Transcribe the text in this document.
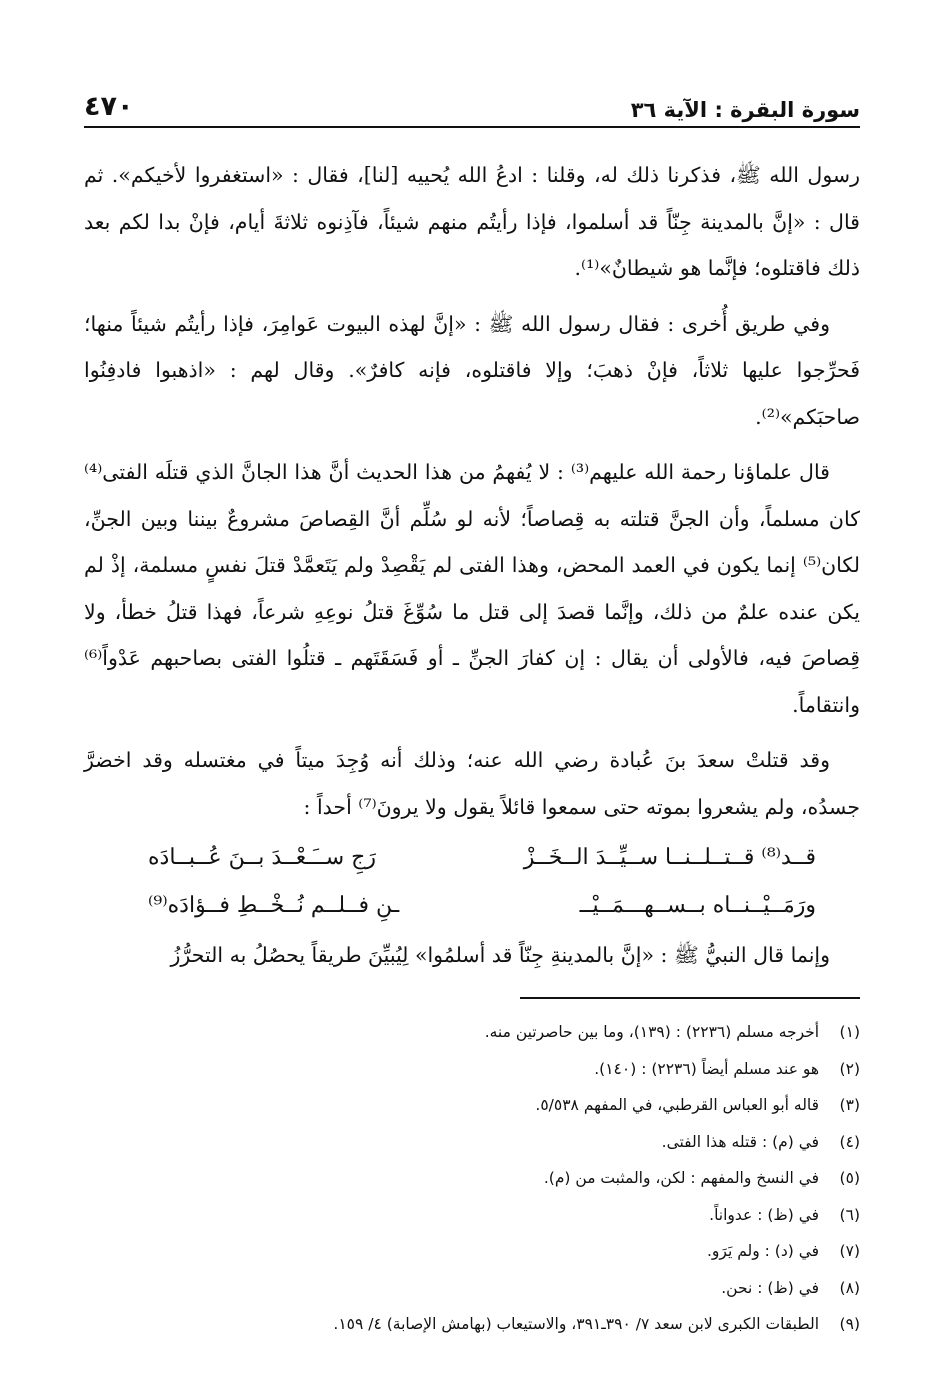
سورة البقرة : الآية ٣٦
٤٧٠

رسول الله ﷺ، فذكرنا ذلك له، وقلنا : ادعُ الله يُحييه [لنا]، فقال : «استغفروا لأخيكم». ثم قال : «إنَّ بالمدينة جِنّاً قد أسلموا، فإذا رأيتُم منهم شيئاً، فآذِنوه ثلاثةَ أيام، فإنْ بدا لكم بعد ذلك فاقتلوه؛ فإنَّما هو شيطانٌ»⁽¹⁾.

وفي طريق أُخرى : فقال رسول الله ﷺ : «إنَّ لهذه البيوت عَوامِرَ، فإذا رأيتُم شيئاً منها؛ فَحرِّجوا عليها ثلاثاً، فإنْ ذهبَ؛ وإلا فاقتلوه، فإنه كافرٌ». وقال لهم : «اذهبوا فادفِنُوا صاحبَكم»⁽²⁾.

قال علماؤنا رحمة الله عليهم⁽³⁾ : لا يُفهمُ من هذا الحديث أنَّ هذا الجانَّ الذي قتلَه الفتى⁽⁴⁾ كان مسلماً، وأن الجنَّ قتلته به قِصاصاً؛ لأنه لو سُلِّم أنَّ القِصاصَ مشروعٌ بيننا وبين الجنِّ، لكان⁽⁵⁾ إنما يكون في العمد المحض، وهذا الفتى لم يَقْصِدْ ولم يَتَعمَّدْ قتلَ نفسٍ مسلمة، إذْ لم يكن عنده علمٌ من ذلك، وإنَّما قصدَ إلى قتل ما سُوِّغَ قتلُ نوعِهِ شرعاً، فهذا قتلُ خطأ، ولا قِصاصَ فيه، فالأولى أن يقال : إن كفارَ الجنِّ ـ أو فَسَقَتَهم ـ قتلُوا الفتى بصاحبهم عَدْواً⁽⁶⁾ وانتقاماً.

وقد قتلتْ سعدَ بنَ عُبادة رضي الله عنه؛ وذلك أنه وُجِدَ ميتاً في مغتسله وقد اخضرَّ جسدُه، ولم يشعروا بموته حتى سمعوا قائلاً يقول ولا يرونَ⁽⁷⁾ أحداً :

قــد⁽⁸⁾ قــتــلــنــا ســيِّــدَ الــخَــزْ
رَجِ ســَـعْــدَ بــنَ عُــبــادَه
ورَمَــيْــنــاه بــســهـــمَــيْــ
ـنِ فــلــم نُــخْــطِ فــؤادَه⁽⁹⁾

وإنما قال النبيُّ ﷺ : «إنَّ بالمدينةِ جِنّاً قد أسلمُوا» لِيُبيِّنَ طريقاً يحصُلُ به التحرُّزُ

(١) أخرجه مسلم (٢٢٣٦) : (١٣٩)، وما بين حاصرتين منه.
(٢) هو عند مسلم أيضاً (٢٢٣٦) : (١٤٠).
(٣) قاله أبو العباس القرطبي، في المفهم ٥/٥٣٨.
(٤) في (م) : قتله هذا الفتى.
(٥) في النسخ والمفهم : لكن، والمثبت من (م).
(٦) في (ظ) : عدواناً.
(٧) في (د) : ولم يَرَو.
(٨) في (ظ) : نحن.
(٩) الطبقات الكبرى لابن سعد ٧/ ٣٩٠ـ٣٩١، والاستيعاب (بهامش الإصابة) ٤/ ١٥٩.
